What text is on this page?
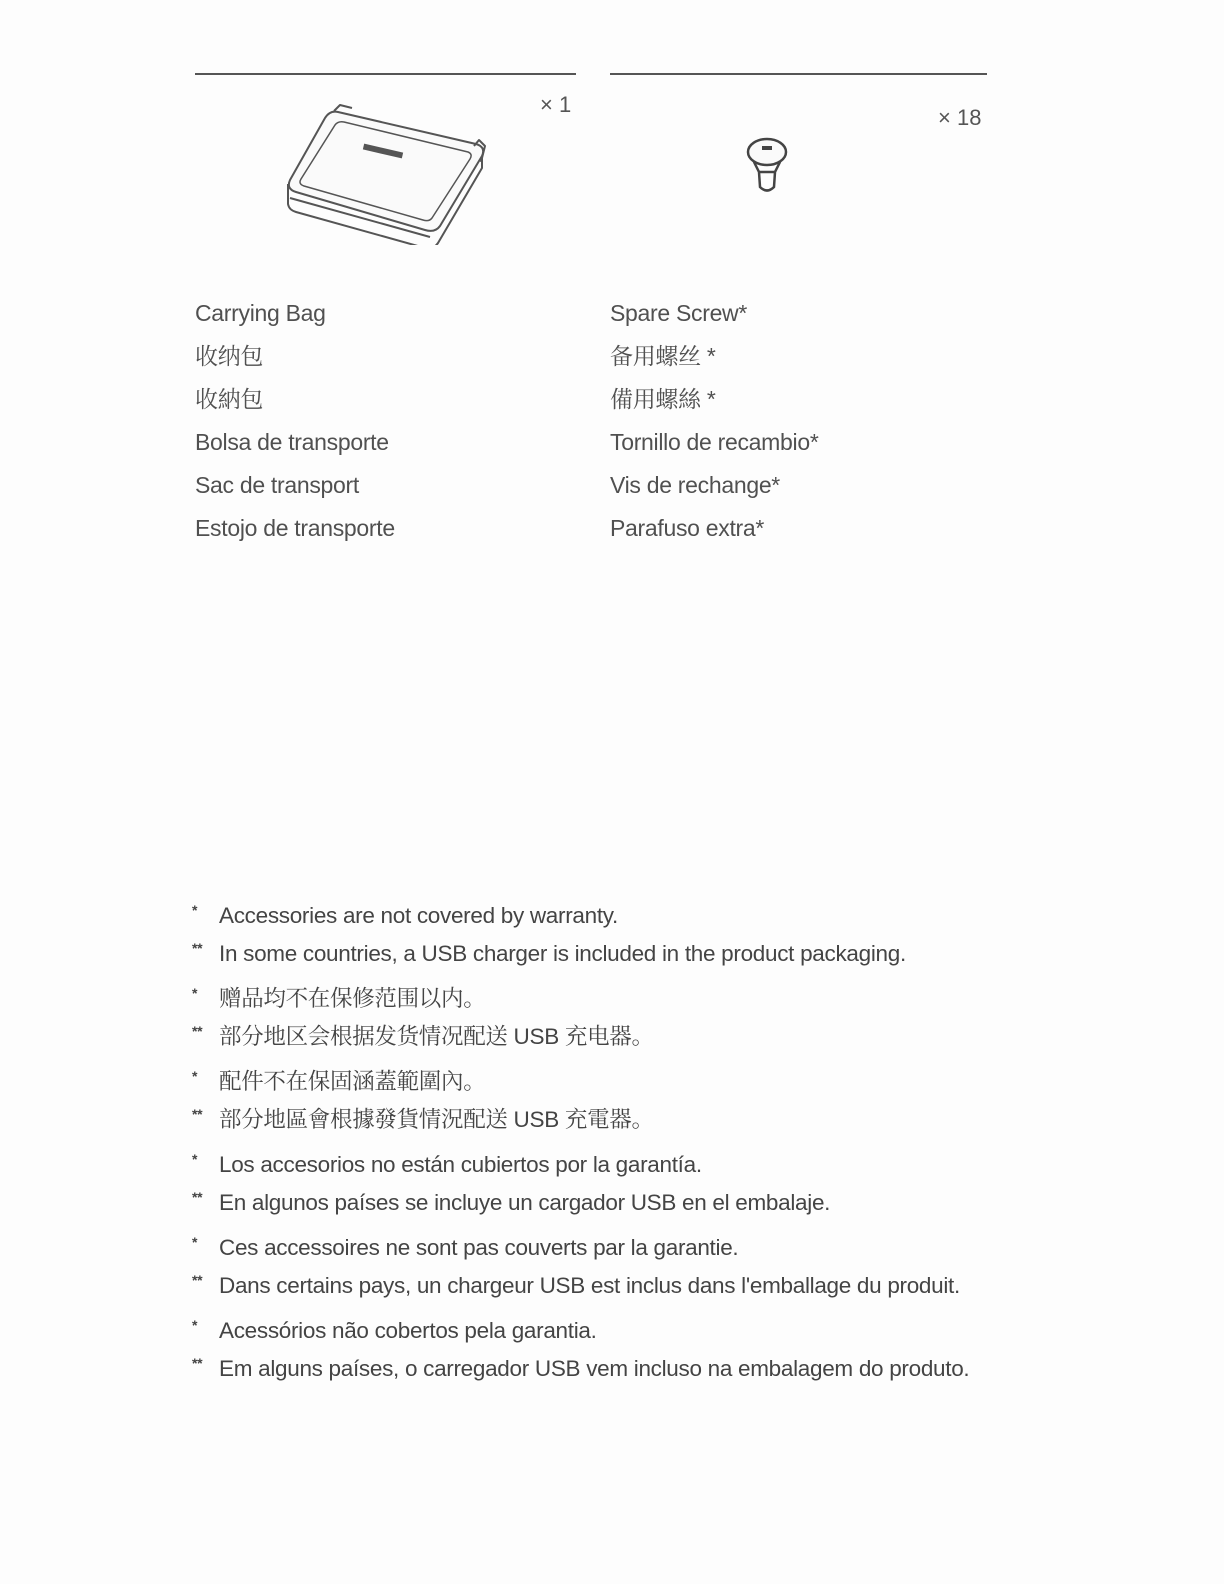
× 1
Carrying Bag
收纳包
收納包
Bolsa de transporte
Sac de transport
Estojo de transporte
× 18
Spare Screw*
备用螺丝 *
備用螺絲 *
Tornillo de recambio*
Vis de rechange*
Parafuso extra*
* Accessories are not covered by warranty.
** In some countries, a USB charger is included in the product packaging.
* 赠品均不在保修范围以内。
** 部分地区会根据发货情况配送 USB 充电器。
* 配件不在保固涵蓋範圍內。
** 部分地區會根據發貨情況配送 USB 充電器。
* Los accesorios no están cubiertos por la garantía.
** En algunos países se incluye un cargador USB en el embalaje.
* Ces accessoires ne sont pas couverts par la garantie.
** Dans certains pays, un chargeur USB est inclus dans l'emballage du produit.
* Acessórios não cobertos pela garantia.
** Em alguns países, o carregador USB vem incluso na embalagem do produto.
